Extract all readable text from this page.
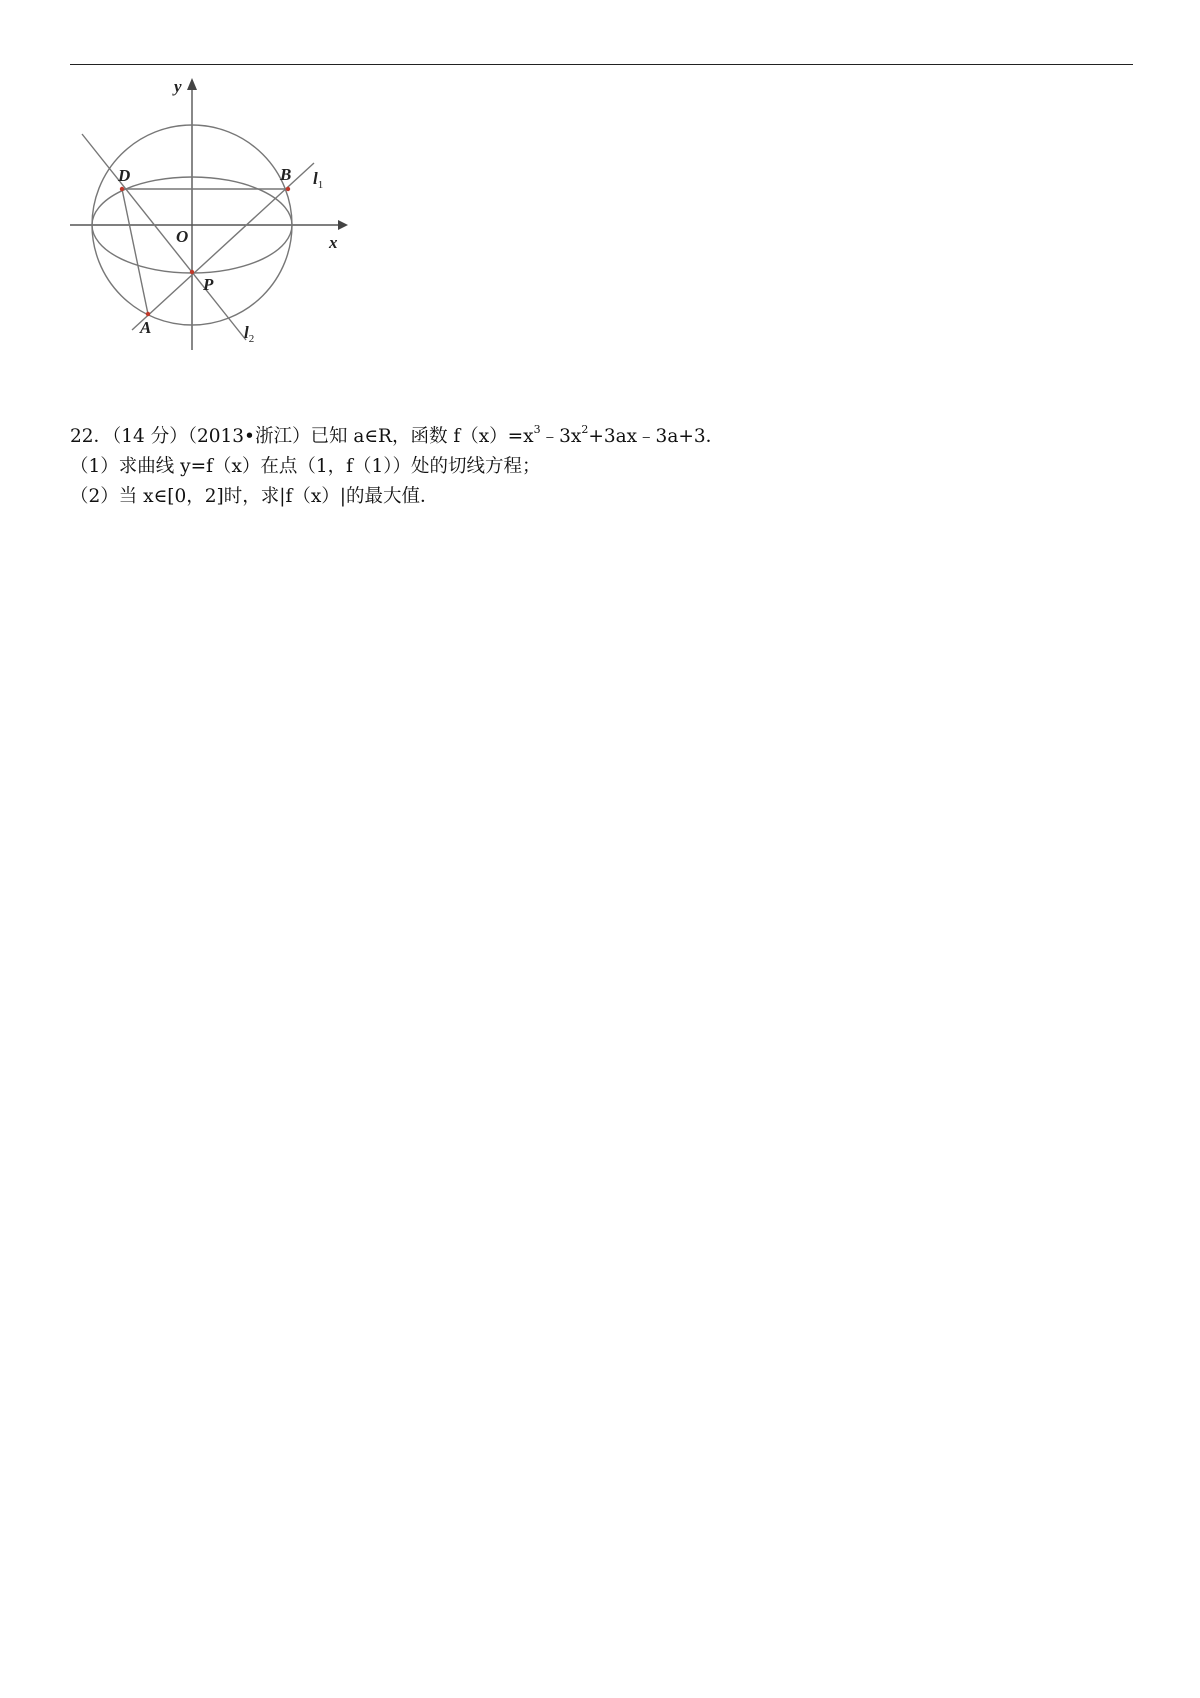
y
x
O
D	B
P
A
$l_1$
$l_2$
22．（14 分）（2013•浙江）已知 a∈R，函数 $f(x)=x^3﹣3x^2+3ax﹣3a+3$．
（1）求曲线 y=f（x）在点（1，f（1））处的切线方程；
（2）当 x∈[0，2]时，求|f（x）|的最大值．
